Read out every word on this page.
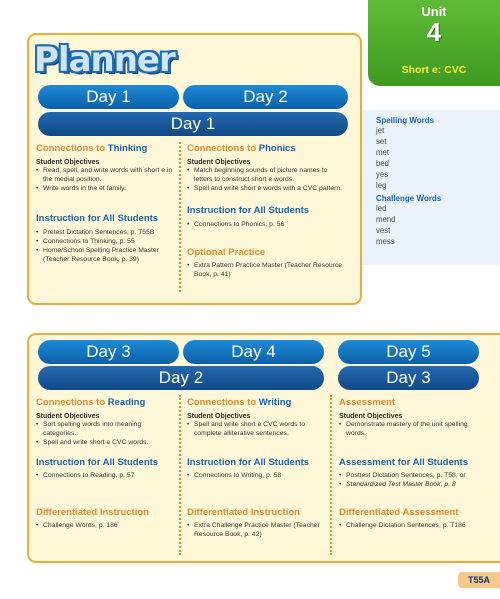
Unit
4
Short e: CVC
Planner
Day 1	Day 2
Day 1
Connections to Thinking
Student Objectives
• Read, spell, and write words with short e in the medial position.
• Write words in the et family.
Instruction for All Students
• Pretest Dictation Sentences, p. T55B
• Connections to Thinking, p. 55
• Home/School Spelling Practice Master (Teacher Resource Book, p. 39)
Connections to Phonics
Student Objectives
• Match beginning sounds of picture names to letters to construct short e words.
• Spell and write short e words with a CVC pattern.
Instruction for All Students
• Connections to Phonics, p. 56
Optional Practice
• Extra Pattern Practice Master (Teacher Resource Book, p. 41)
Spelling Words
jet
set
met
bed
yes
leg
Challenge Words
led
mend
vest
mess
Day 3	Day 4	Day 5
Day 2	Day 3
Connections to Reading
Student Objectives
• Sort spelling words into meaning categories.
• Spell and write short e CVC words.
Instruction for All Students
• Connections to Reading, p. 57
Differentiated Instruction
• Challenge Words, p. 186
Connections to Writing
Student Objectives
• Spell and write short e CVC words to complete alliterative sentences.
Instruction for All Students
• Connections to Writing, p. 58
Differentiated Instruction
• Extra Challenge Practice Master (Teacher Resource Book, p. 42)
Assessment
Student Objectives
• Demonstrate mastery of the unit spelling words.
Assessment for All Students
• Posttest Dictation Sentences, p. T58, or
• Standardized Test Master Book, p. 8
Differentiated Assessment
• Challenge Dictation Sentences, p. T186
T55A
